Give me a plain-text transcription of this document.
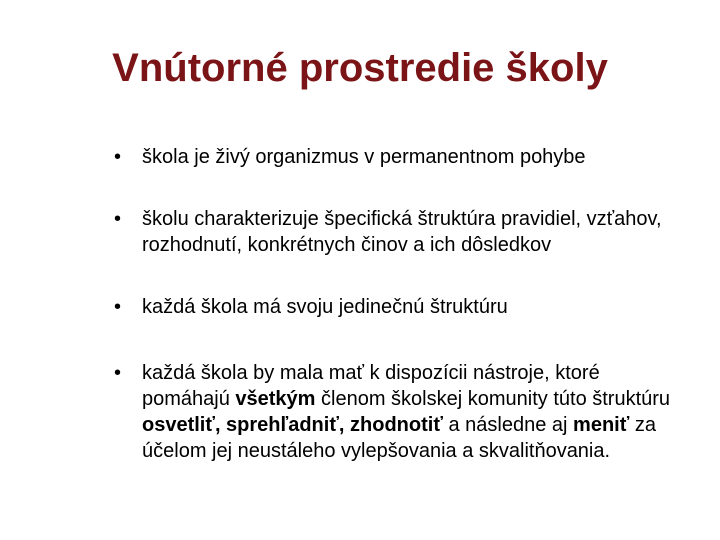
Vnútorné prostredie školy
•	škola je živý organizmus v permanentnom pohybe
•	školu charakterizuje špecifická štruktúra pravidiel, vzťahov, rozhodnutí, konkrétnych činov a ich dôsledkov
•	každá škola má svoju jedinečnú štruktúru
•	každá škola by mala mať k dispozícii nástroje, ktoré pomáhajú všetkým členom školskej komunity túto štruktúru osvetliť, sprehľadniť, zhodnotiť a následne aj meniť za účelom jej neustáleho vylepšovania a skvalitňovania.
